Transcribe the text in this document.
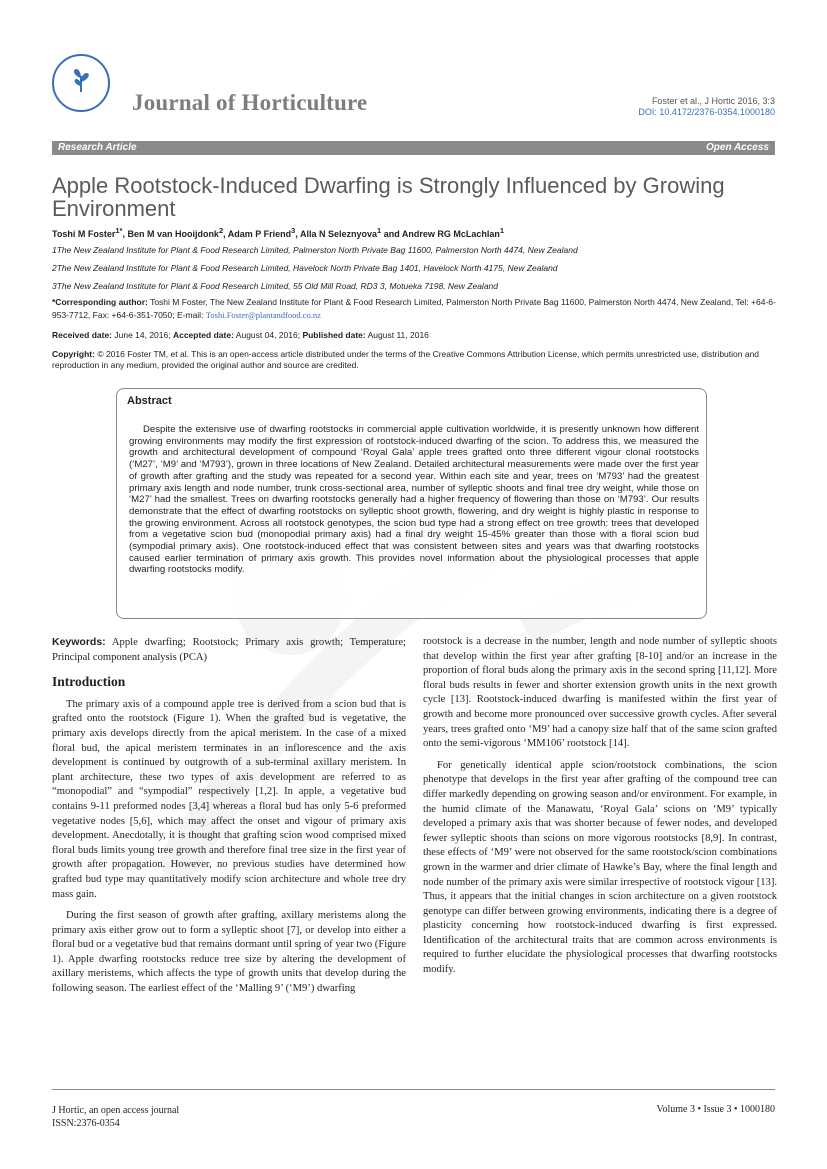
Journal of Horticulture	Foster et al., J Hortic 2016, 3:3
DOI: 10.4172/2376-0354.1000180
Research Article	Open Access
Apple Rootstock-Induced Dwarfing is Strongly Influenced by Growing Environment
Toshi M Foster$^{1*}$, Ben M van Hooijdonk$^2$, Adam P Friend$^3$, Alla N Seleznyova$^1$ and Andrew RG McLachlan$^1$
1The New Zealand Institute for Plant & Food Research Limited, Palmerston North Private Bag 11600, Palmerston North 4474, New Zealand
2The New Zealand Institute for Plant & Food Research Limited, Havelock North Private Bag 1401, Havelock North 4175, New Zealand
3The New Zealand Institute for Plant & Food Research Limited, 55 Old Mill Road, RD3 3, Motueka 7198, New Zealand
*Corresponding author: Toshi M Foster, The New Zealand Institute for Plant & Food Research Limited, Palmerston North Private Bag 11600, Palmerston North 4474, New Zealand, Tel: +64-6-953-7712, Fax: +64-6-351-7050; E-mail: Toshi.Foster@plantandfood.co.nz
Received date: June 14, 2016; Accepted date: August 04, 2016; Published date: August 11, 2016
Copyright: © 2016 Foster TM, et al. This is an open-access article distributed under the terms of the Creative Commons Attribution License, which permits unrestricted use, distribution and reproduction in any medium, provided the original author and source are credited.
Abstract

Despite the extensive use of dwarfing rootstocks in commercial apple cultivation worldwide, it is presently unknown how different growing environments may modify the first expression of rootstock-induced dwarfing of the scion. To address this, we measured the growth and architectural development of compound ‘Royal Gala’ apple trees grafted onto three different vigour clonal rootstocks (‘M27’, ‘M9’ and ‘M793’), grown in three locations of New Zealand. Detailed architectural measurements were made over the first year of growth after grafting and the study was repeated for a second year. Within each site and year, trees on ‘M793’ had the greatest primary axis length and node number, trunk cross-sectional area, number of sylleptic shoots and final tree dry weight, while those on ‘M27’ had the smallest. Trees on dwarfing rootstocks generally had a higher frequency of flowering than those on ‘M793’. Our results demonstrate that the effect of dwarfing rootstocks on sylleptic shoot growth, flowering, and dry weight is highly plastic in response to the growing environment. Across all rootstock genotypes, the scion bud type had a strong effect on tree growth: trees that developed from a vegetative scion bud (monopodial primary axis) had a final dry weight 15-45% greater than those with a floral scion bud (sympodial primary axis). One rootstock-induced effect that was consistent between sites and years was that dwarfing rootstocks caused earlier termination of primary axis growth. This provides novel information about the physiological processes that apple dwarfing rootstocks modify.

Keywords: Apple dwarfing; Rootstock; Primary axis growth; Temperature; Principal component analysis (PCA)

Introduction

The primary axis of a compound apple tree is derived from a scion bud that is grafted onto the rootstock (Figure 1). When the grafted bud is vegetative, the primary axis develops directly from the apical meristem. In the case of a mixed floral bud, the apical meristem terminates in an inflorescence and the axis development is continued by outgrowth of a sub-terminal axillary meristem. In plant architecture, these two types of axis development are referred to as “monopodial” and “sympodial” respectively [1,2]. In apple, a vegetative bud contains 9-11 preformed nodes [3,4] whereas a floral bud has only 5-6 preformed vegetative nodes [5,6], which may affect the onset and vigour of primary axis development. Anecdotally, it is thought that grafting scion wood comprised mixed floral buds limits young tree growth and therefore final tree size in the first year of growth after propagation. However, no previous studies have determined how grafted bud type may quantitatively modify scion architecture and whole tree dry mass gain.

During the first season of growth after grafting, axillary meristems along the primary axis either grow out to form a sylleptic shoot [7], or develop into either a floral bud or a vegetative bud that remains dormant until spring of year two (Figure 1). Apple dwarfing rootstocks reduce tree size by altering the development of axillary meristems, which affects the type of growth units that develop during the following season. The earliest effect of the ‘Malling 9’ (‘M9’) dwarfing

rootstock is a decrease in the number, length and node number of sylleptic shoots that develop within the first year after grafting [8-10] and/or an increase in the proportion of floral buds along the primary axis in the second spring [11,12]. More floral buds results in fewer and shorter extension growth units in the next growth cycle [13]. Rootstock-induced dwarfing is manifested within the first year of growth and become more pronounced over successive growth cycles. After several years, trees grafted onto ‘M9’ had a canopy size half that of the same scion grafted onto the semi-vigorous ‘MM106’ rootstock [14].

For genetically identical apple scion/rootstock combinations, the scion phenotype that develops in the first year after grafting of the compound tree can differ markedly depending on growing season and/or environment. For example, in the humid climate of the Manawatu, ‘Royal Gala’ scions on ‘M9’ typically developed a primary axis that was shorter because of fewer nodes, and developed fewer sylleptic shoots than scions on more vigorous rootstocks [8,9]. In contrast, these effects of ‘M9’ were not observed for the same rootstock/scion combinations grown in the warmer and drier climate of Hawke’s Bay, where the final length and node number of the primary axis were similar irrespective of rootstock vigour [13]. Thus, it appears that the initial changes in scion architecture on a given rootstock genotype can differ between growing environments, indicating there is a degree of plasticity concerning how rootstock-induced dwarfing is first expressed. Identification of the architectural traits that are common across environments is required to further elucidate the physiological processes that dwarfing rootstocks modify.

J Hortic, an open access journal
ISSN:2376-0354
Volume 3 • Issue 3 • 1000180
